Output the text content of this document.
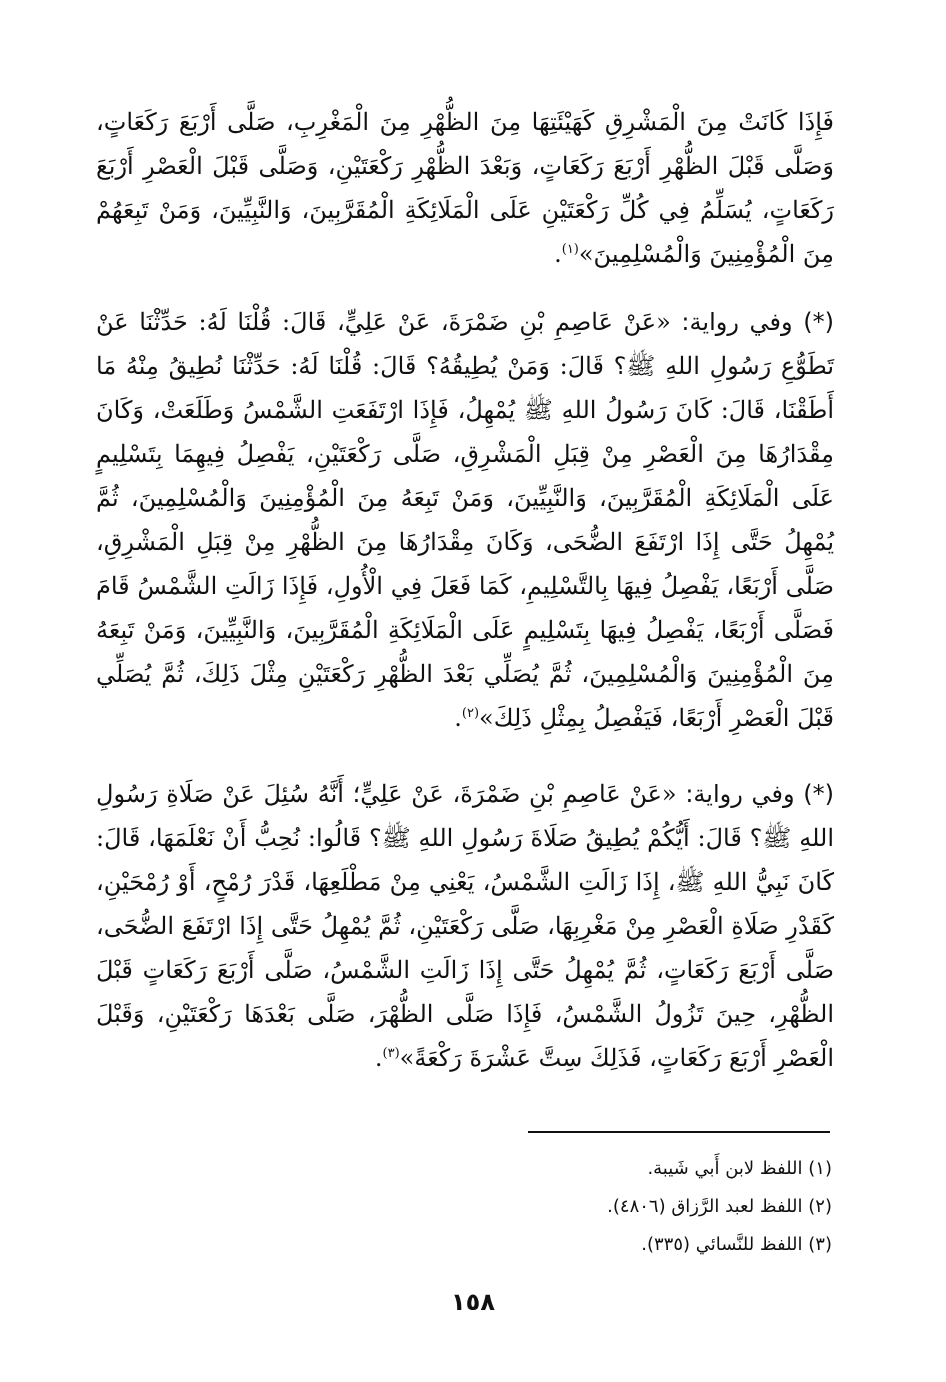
فَإِذَا كَانَتْ مِنَ الْمَشْرِقِ كَهَيْئَتِهَا مِنَ الظُّهْرِ مِنَ الْمَغْرِبِ، صَلَّى أَرْبَعَ رَكَعَاتٍ، وَصَلَّى قَبْلَ الظُّهْرِ أَرْبَعَ رَكَعَاتٍ، وَبَعْدَ الظُّهْرِ رَكْعَتَيْنِ، وَصَلَّى قَبْلَ الْعَصْرِ أَرْبَعَ رَكَعَاتٍ، يُسَلِّمُ فِي كُلِّ رَكْعَتَيْنِ عَلَى الْمَلَائِكَةِ الْمُقَرَّبِينَ، وَالنَّبِيِّينَ، وَمَنْ تَبِعَهُمْ مِنَ الْمُؤْمِنِينَ وَالْمُسْلِمِينَ»$^{(١)}$.

(*) وفي رواية: «عَنْ عَاصِمِ بْنِ ضَمْرَةَ، عَنْ عَلِيٍّ، قَالَ: قُلْنَا لَهُ: حَدِّثْنَا عَنْ تَطَوُّعِ رَسُولِ اللهِ ﷺ؟ قَالَ: وَمَنْ يُطِيقُهُ؟ قَالَ: قُلْنَا لَهُ: حَدِّثْنَا نُطِيقُ مِنْهُ مَا أَطَقْنَا، قَالَ: كَانَ رَسُولُ اللهِ ﷺ يُمْهِلُ، فَإِذَا ارْتَفَعَتِ الشَّمْسُ وَطَلَعَتْ، وَكَانَ مِقْدَارُهَا مِنَ الْعَصْرِ مِنْ قِبَلِ الْمَشْرِقِ، صَلَّى رَكْعَتَيْنِ، يَفْصِلُ فِيهِمَا بِتَسْلِيمٍ عَلَى الْمَلَائِكَةِ الْمُقَرَّبِينَ، وَالنَّبِيِّينَ، وَمَنْ تَبِعَهُ مِنَ الْمُؤْمِنِينَ وَالْمُسْلِمِينَ، ثُمَّ يُمْهِلُ حَتَّى إِذَا ارْتَفَعَ الضُّحَى، وَكَانَ مِقْدَارُهَا مِنَ الظُّهْرِ مِنْ قِبَلِ الْمَشْرِقِ، صَلَّى أَرْبَعًا، يَفْصِلُ فِيهَا بِالتَّسْلِيمِ، كَمَا فَعَلَ فِي الْأُولِ، فَإِذَا زَالَتِ الشَّمْسُ قَامَ فَصَلَّى أَرْبَعًا، يَفْصِلُ فِيهَا بِتَسْلِيمٍ عَلَى الْمَلَائِكَةِ الْمُقَرَّبِينَ، وَالنَّبِيِّينَ، وَمَنْ تَبِعَهُ مِنَ الْمُؤْمِنِينَ وَالْمُسْلِمِينَ، ثُمَّ يُصَلِّي بَعْدَ الظُّهْرِ رَكْعَتَيْنِ مِثْلَ ذَلِكَ، ثُمَّ يُصَلِّي قَبْلَ الْعَصْرِ أَرْبَعًا، فَيَفْصِلُ بِمِثْلِ ذَلِكَ»$^{(٢)}$.

(*) وفي رواية: «عَنْ عَاصِمِ بْنِ ضَمْرَةَ، عَنْ عَلِيٍّ؛ أَنَّهُ سُئِلَ عَنْ صَلَاةِ رَسُولِ اللهِ ﷺ؟ قَالَ: أَيُّكُمْ يُطِيقُ صَلَاةَ رَسُولِ اللهِ ﷺ؟ قَالُوا: نُحِبُّ أَنْ نَعْلَمَهَا، قَالَ: كَانَ نَبِيُّ اللهِ ﷺ، إِذَا زَالَتِ الشَّمْسُ، يَعْنِي مِنْ مَطْلَعِهَا، قَدْرَ رُمْحٍ، أَوْ رُمْحَيْنِ، كَقَدْرِ صَلَاةِ الْعَصْرِ مِنْ مَغْرِبِهَا، صَلَّى رَكْعَتَيْنِ، ثُمَّ يُمْهِلُ حَتَّى إِذَا ارْتَفَعَ الضُّحَى، صَلَّى أَرْبَعَ رَكَعَاتٍ، ثُمَّ يُمْهِلُ حَتَّى إِذَا زَالَتِ الشَّمْسُ، صَلَّى أَرْبَعَ رَكَعَاتٍ قَبْلَ الظُّهْرِ، حِينَ تَزُولُ الشَّمْسُ، فَإِذَا صَلَّى الظُّهْرَ، صَلَّى بَعْدَهَا رَكْعَتَيْنِ، وَقَبْلَ الْعَصْرِ أَرْبَعَ رَكَعَاتٍ، فَذَلِكَ سِتَّ عَشْرَةَ رَكْعَةً»$^{(٣)}$.

(١) اللفظ لابن أَبي شَيبة.

(٢) اللفظ لعبد الرَّزاق (٤٨٠٦).

(٣) اللفظ للنَّسائي (٣٣٥).

١٥٨
